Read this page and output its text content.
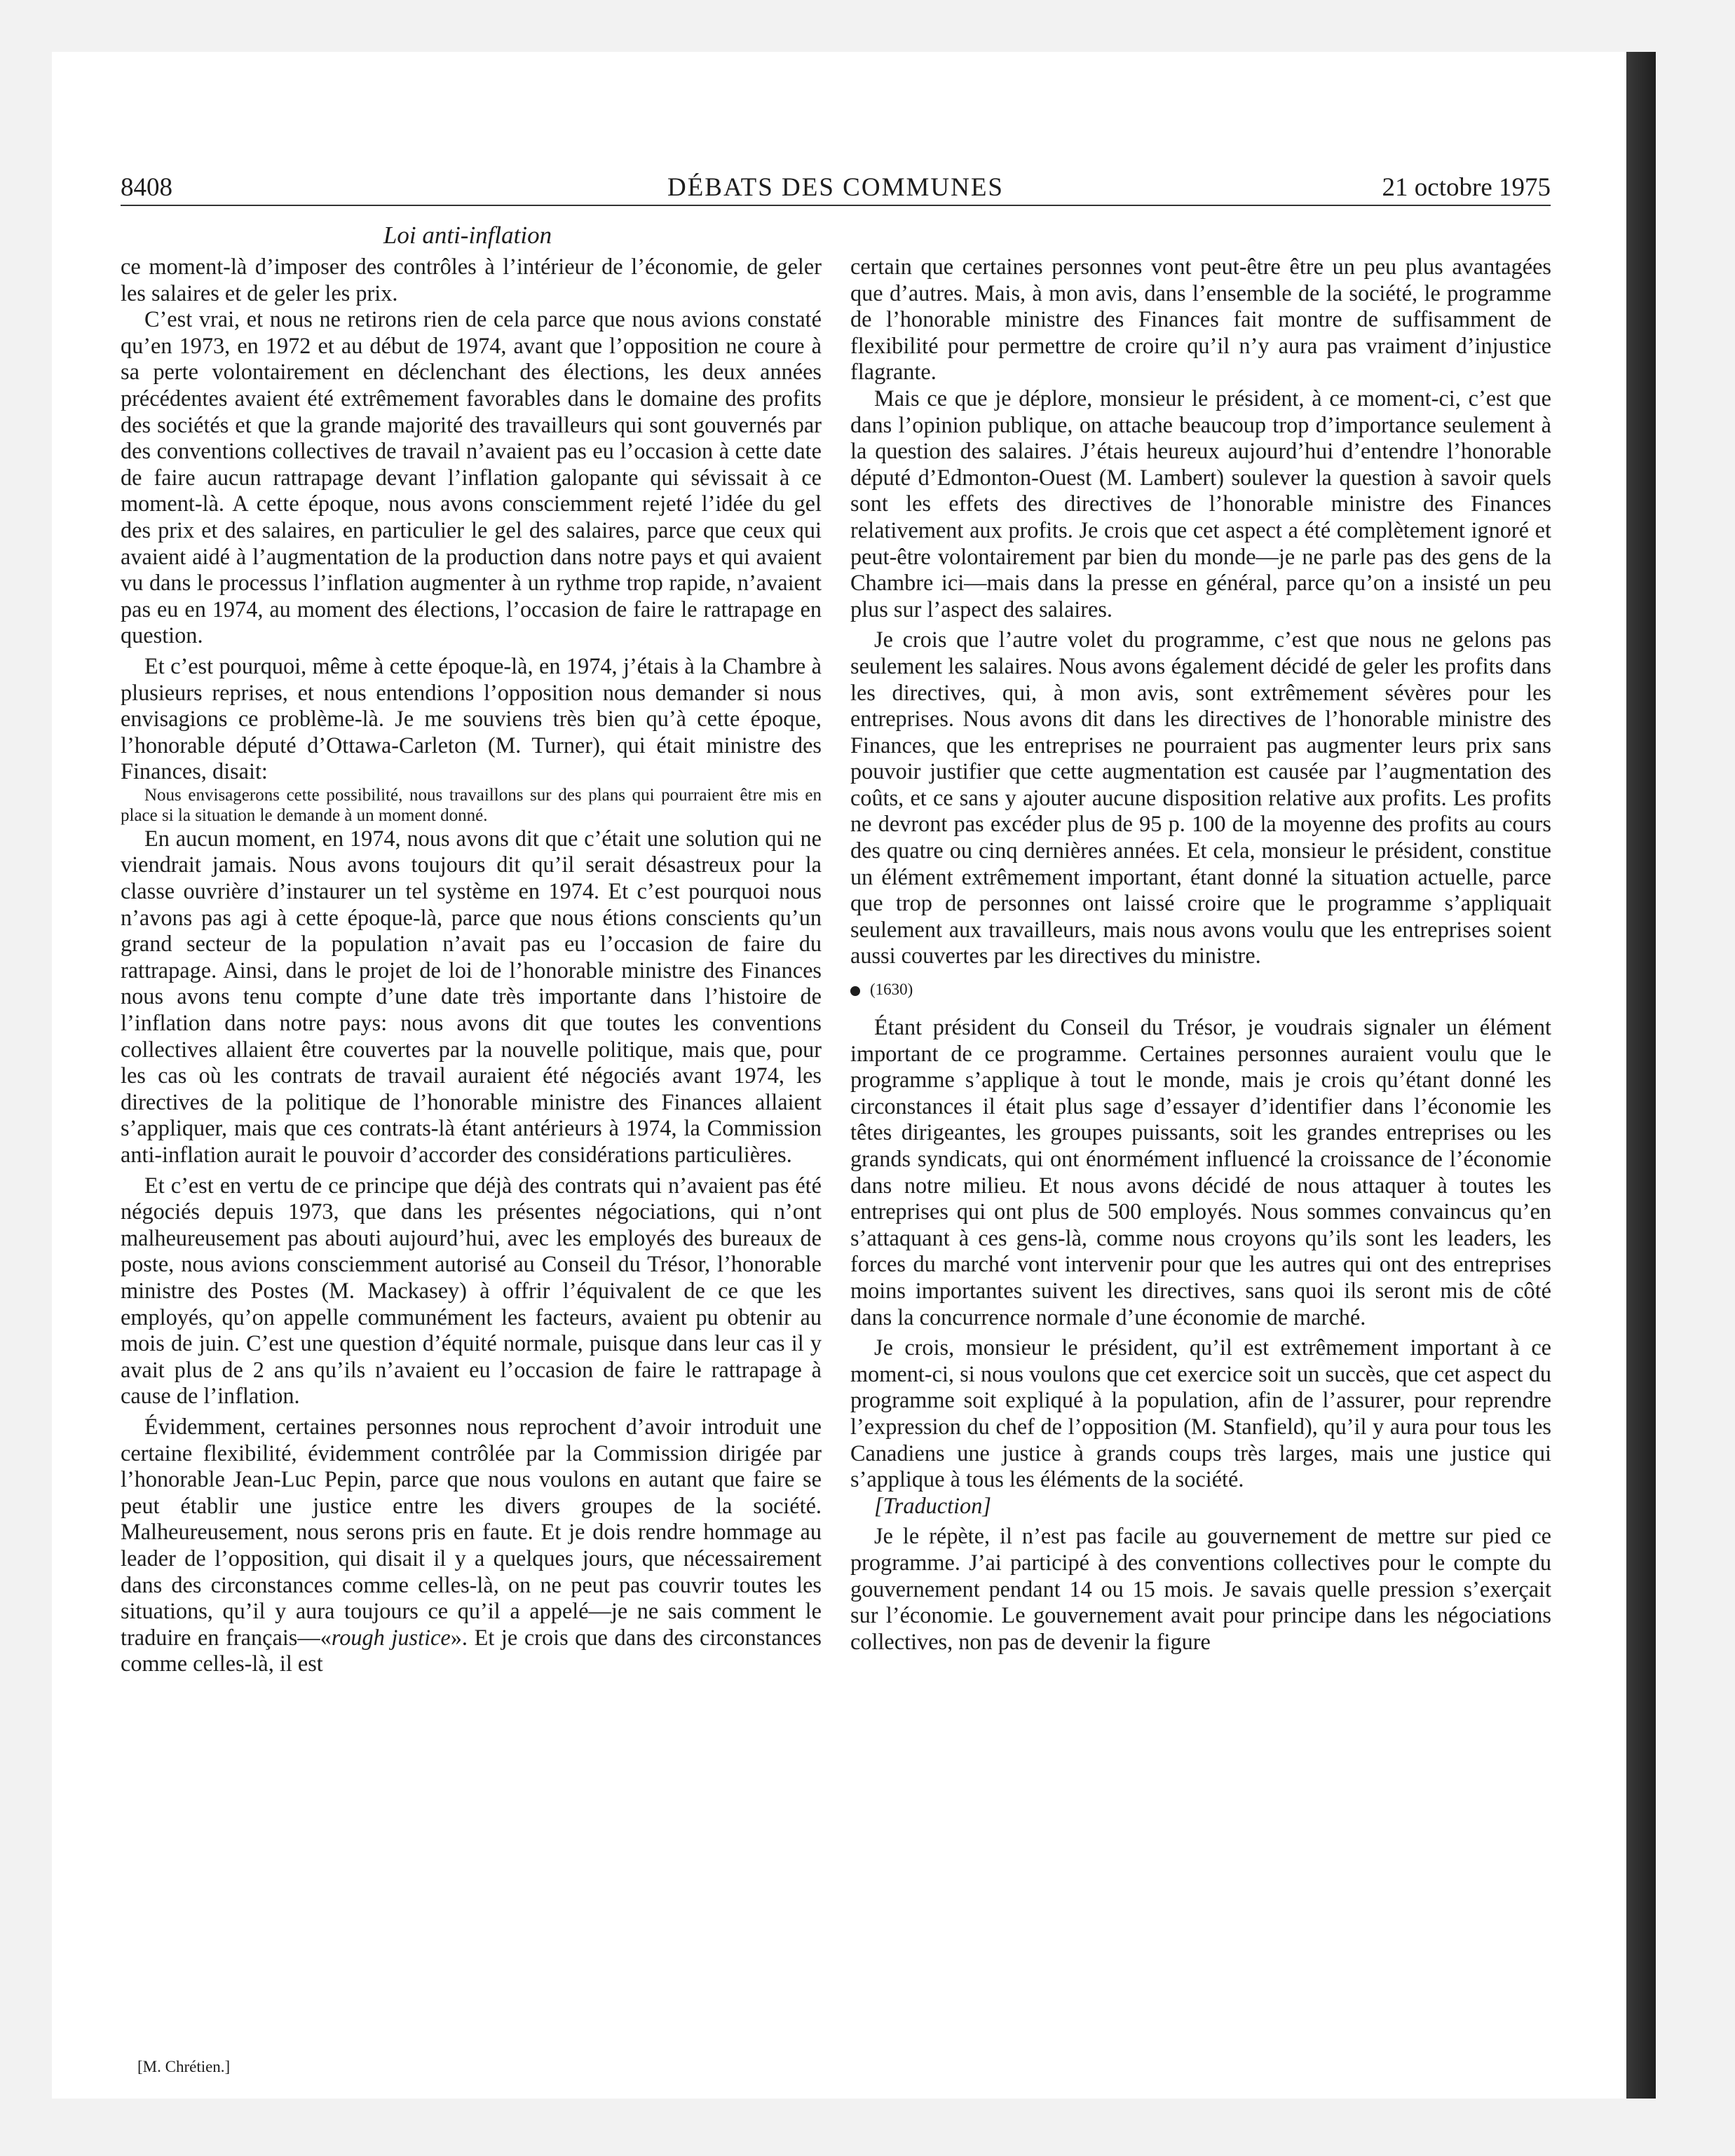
8408	DÉBATS DES COMMUNES	21 octobre 1975
Loi anti-inflation

ce moment-là d’imposer des contrôles à l’intérieur de l’économie, de geler les salaires et de geler les prix.

C’est vrai, et nous ne retirons rien de cela parce que nous avions constaté qu’en 1973, en 1972 et au début de 1974, avant que l’opposition ne coure à sa perte volontairement en déclenchant des élections, les deux années précédentes avaient été extrêmement favorables dans le domaine des profits des sociétés et que la grande majorité des travailleurs qui sont gouvernés par des conventions collectives de travail n’avaient pas eu l’occasion à cette date de faire aucun rattrapage devant l’inflation galopante qui sévissait à ce moment-là. A cette époque, nous avons consciemment rejeté l’idée du gel des prix et des salaires, en particulier le gel des salaires, parce que ceux qui avaient aidé à l’augmentation de la production dans notre pays et qui avaient vu dans le processus l’inflation augmenter à un rythme trop rapide, n’avaient pas eu en 1974, au moment des élections, l’occasion de faire le rattrapage en question.

Et c’est pourquoi, même à cette époque-là, en 1974, j’étais à la Chambre à plusieurs reprises, et nous entendions l’opposition nous demander si nous envisagions ce problème-là. Je me souviens très bien qu’à cette époque, l’honorable député d’Ottawa-Carleton (M. Turner), qui était ministre des Finances, disait:

Nous envisagerons cette possibilité, nous travaillons sur des plans qui pourraient être mis en place si la situation le demande à un moment donné.

En aucun moment, en 1974, nous avons dit que c’était une solution qui ne viendrait jamais. Nous avons toujours dit qu’il serait désastreux pour la classe ouvrière d’instaurer un tel système en 1974. Et c’est pourquoi nous n’avons pas agi à cette époque-là, parce que nous étions conscients qu’un grand secteur de la population n’avait pas eu l’occasion de faire du rattrapage. Ainsi, dans le projet de loi de l’honorable ministre des Finances nous avons tenu compte d’une date très importante dans l’histoire de l’inflation dans notre pays: nous avons dit que toutes les conventions collectives allaient être couvertes par la nouvelle politique, mais que, pour les cas où les contrats de travail auraient été négociés avant 1974, les directives de la politique de l’honorable ministre des Finances allaient s’appliquer, mais que ces contrats-là étant antérieurs à 1974, la Commission anti-inflation aurait le pouvoir d’accorder des considérations particulières.

Et c’est en vertu de ce principe que déjà des contrats qui n’avaient pas été négociés depuis 1973, que dans les présentes négociations, qui n’ont malheureusement pas abouti aujourd’hui, avec les employés des bureaux de poste, nous avions consciemment autorisé au Conseil du Trésor, l’honorable ministre des Postes (M. Mackasey) à offrir l’équivalent de ce que les employés, qu’on appelle communément les facteurs, avaient pu obtenir au mois de juin. C’est une question d’équité normale, puisque dans leur cas il y avait plus de 2 ans qu’ils n’avaient eu l’occasion de faire le rattrapage à cause de l’inflation.

Évidemment, certaines personnes nous reprochent d’avoir introduit une certaine flexibilité, évidemment contrôlée par la Commission dirigée par l’honorable Jean-Luc Pepin, parce que nous voulons en autant que faire se peut établir une justice entre les divers groupes de la société. Malheureusement, nous serons pris en faute. Et je dois rendre hommage au leader de l’opposition, qui disait il y a quelques jours, que nécessairement dans des circonstances comme celles-là, on ne peut pas couvrir toutes les situations, qu’il y aura toujours ce qu’il a appelé—je ne sais comment le traduire en français—«rough justice». Et je crois que dans des circonstances comme celles-là, il est

certain que certaines personnes vont peut-être être un peu plus avantagées que d’autres. Mais, à mon avis, dans l’ensemble de la société, le programme de l’honorable ministre des Finances fait montre de suffisamment de flexibilité pour permettre de croire qu’il n’y aura pas vraiment d’injustice flagrante.

Mais ce que je déplore, monsieur le président, à ce moment-ci, c’est que dans l’opinion publique, on attache beaucoup trop d’importance seulement à la question des salaires. J’étais heureux aujourd’hui d’entendre l’honorable député d’Edmonton-Ouest (M. Lambert) soulever la question à savoir quels sont les effets des directives de l’honorable ministre des Finances relativement aux profits. Je crois que cet aspect a été complètement ignoré et peut-être volontairement par bien du monde—je ne parle pas des gens de la Chambre ici—mais dans la presse en général, parce qu’on a insisté un peu plus sur l’aspect des salaires.

Je crois que l’autre volet du programme, c’est que nous ne gelons pas seulement les salaires. Nous avons également décidé de geler les profits dans les directives, qui, à mon avis, sont extrêmement sévères pour les entreprises. Nous avons dit dans les directives de l’honorable ministre des Finances, que les entreprises ne pourraient pas augmenter leurs prix sans pouvoir justifier que cette augmentation est causée par l’augmentation des coûts, et ce sans y ajouter aucune disposition relative aux profits. Les profits ne devront pas excéder plus de 95 p. 100 de la moyenne des profits au cours des quatre ou cinq dernières années. Et cela, monsieur le président, constitue un élément extrêmement important, étant donné la situation actuelle, parce que trop de personnes ont laissé croire que le programme s’appliquait seulement aux travailleurs, mais nous avons voulu que les entreprises soient aussi couvertes par les directives du ministre.

(1630)

Étant président du Conseil du Trésor, je voudrais signaler un élément important de ce programme. Certaines personnes auraient voulu que le programme s’applique à tout le monde, mais je crois qu’étant donné les circonstances il était plus sage d’essayer d’identifier dans l’économie les têtes dirigeantes, les groupes puissants, soit les grandes entreprises ou les grands syndicats, qui ont énormément influencé la croissance de l’économie dans notre milieu. Et nous avons décidé de nous attaquer à toutes les entreprises qui ont plus de 500 employés. Nous sommes convaincus qu’en s’attaquant à ces gens-là, comme nous croyons qu’ils sont les leaders, les forces du marché vont intervenir pour que les autres qui ont des entreprises moins importantes suivent les directives, sans quoi ils seront mis de côté dans la concurrence normale d’une économie de marché.

Je crois, monsieur le président, qu’il est extrêmement important à ce moment-ci, si nous voulons que cet exercice soit un succès, que cet aspect du programme soit expliqué à la population, afin de l’assurer, pour reprendre l’expression du chef de l’opposition (M. Stanfield), qu’il y aura pour tous les Canadiens une justice à grands coups très larges, mais une justice qui s’applique à tous les éléments de la société.

[Traduction]

Je le répète, il n’est pas facile au gouvernement de mettre sur pied ce programme. J’ai participé à des conventions collectives pour le compte du gouvernement pendant 14 ou 15 mois. Je savais quelle pression s’exerçait sur l’économie. Le gouvernement avait pour principe dans les négociations collectives, non pas de devenir la figure

[M. Chrétien.]
